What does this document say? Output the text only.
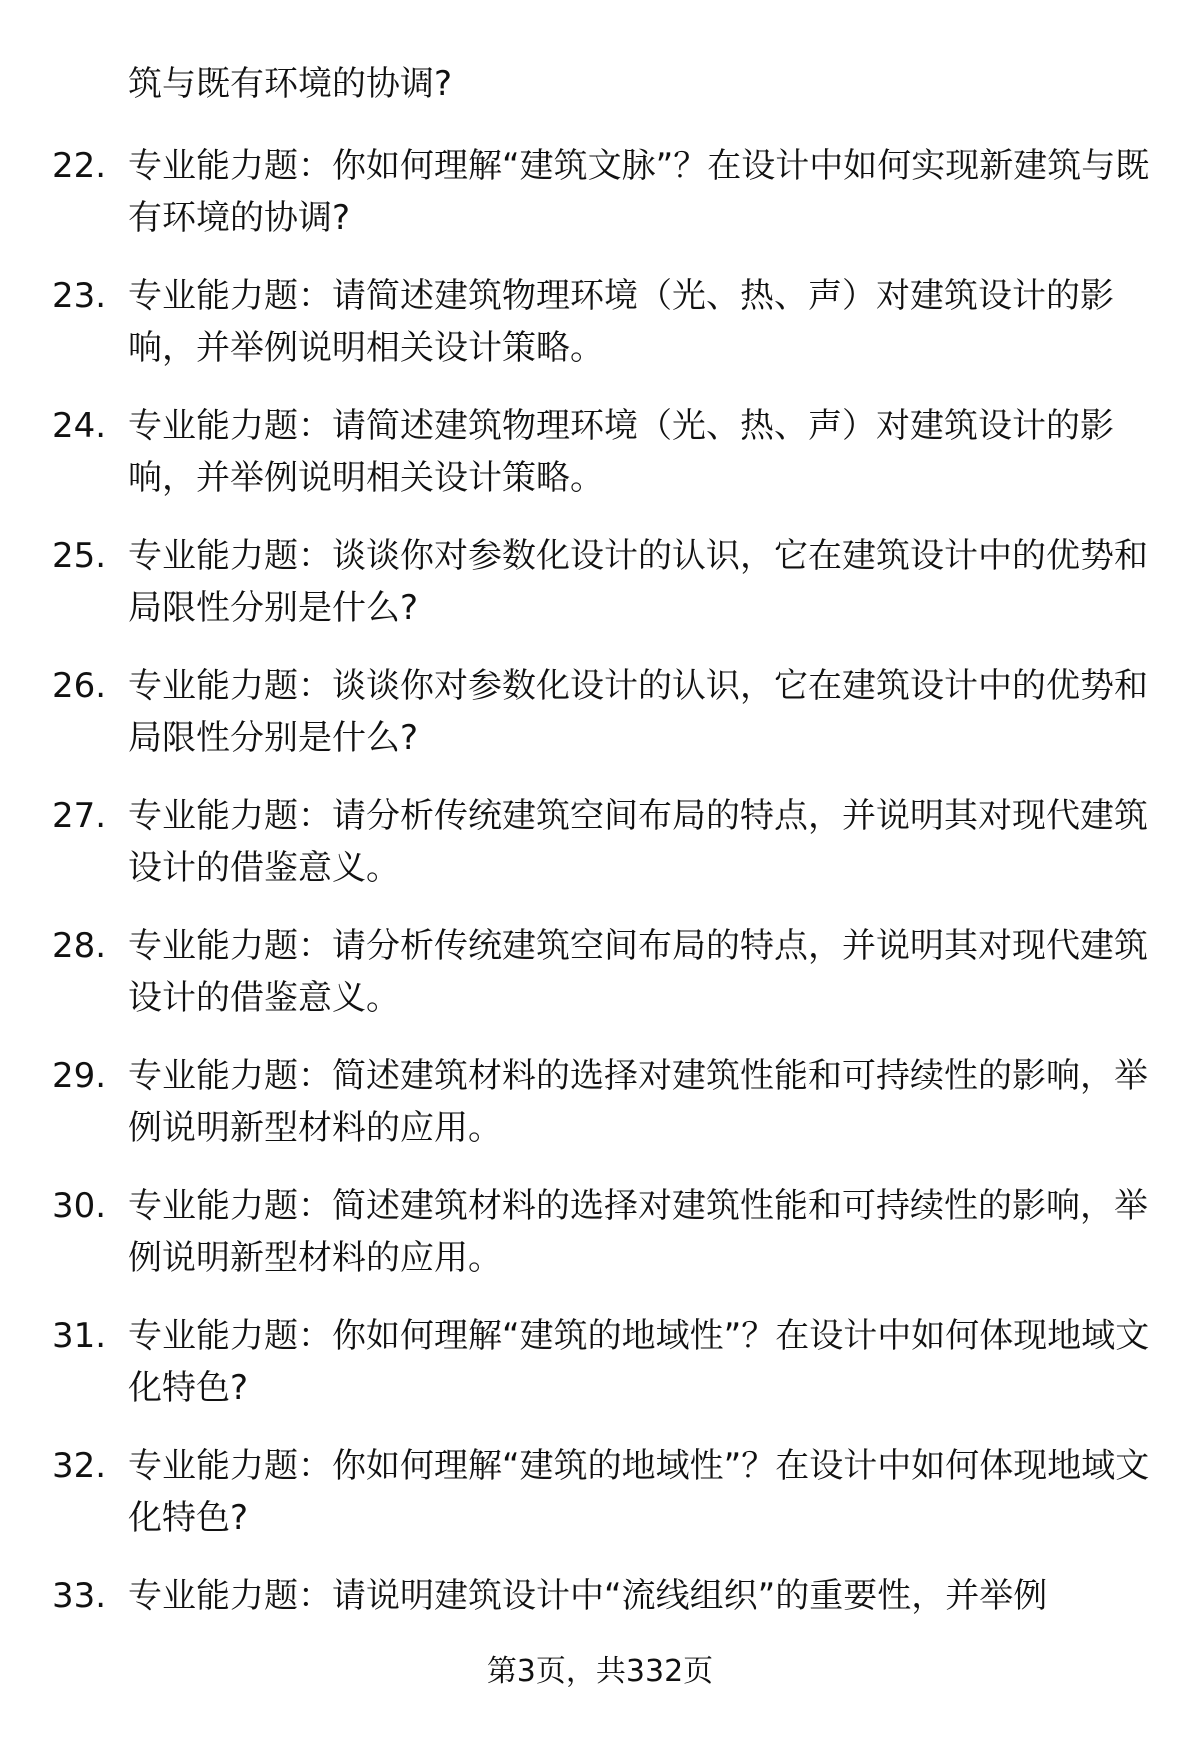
筑与既有环境的协调?
22. 专业能力题：你如何理解“建筑文脉”？在设计中如何实现新建筑与既有环境的协调?
23. 专业能力题：请简述建筑物理环境（光、热、声）对建筑设计的影响，并举例说明相关设计策略。
24. 专业能力题：请简述建筑物理环境（光、热、声）对建筑设计的影响，并举例说明相关设计策略。
25. 专业能力题：谈谈你对参数化设计的认识，它在建筑设计中的优势和局限性分别是什么?
26. 专业能力题：谈谈你对参数化设计的认识，它在建筑设计中的优势和局限性分别是什么?
27. 专业能力题：请分析传统建筑空间布局的特点，并说明其对现代建筑设计的借鉴意义。
28. 专业能力题：请分析传统建筑空间布局的特点，并说明其对现代建筑设计的借鉴意义。
29. 专业能力题：简述建筑材料的选择对建筑性能和可持续性的影响，举例说明新型材料的应用。
30. 专业能力题：简述建筑材料的选择对建筑性能和可持续性的影响，举例说明新型材料的应用。
31. 专业能力题：你如何理解“建筑的地域性”？在设计中如何体现地域文化特色?
32. 专业能力题：你如何理解“建筑的地域性”？在设计中如何体现地域文化特色?
33. 专业能力题：请说明建筑设计中“流线组织”的重要性，并举例
第3页，共332页
